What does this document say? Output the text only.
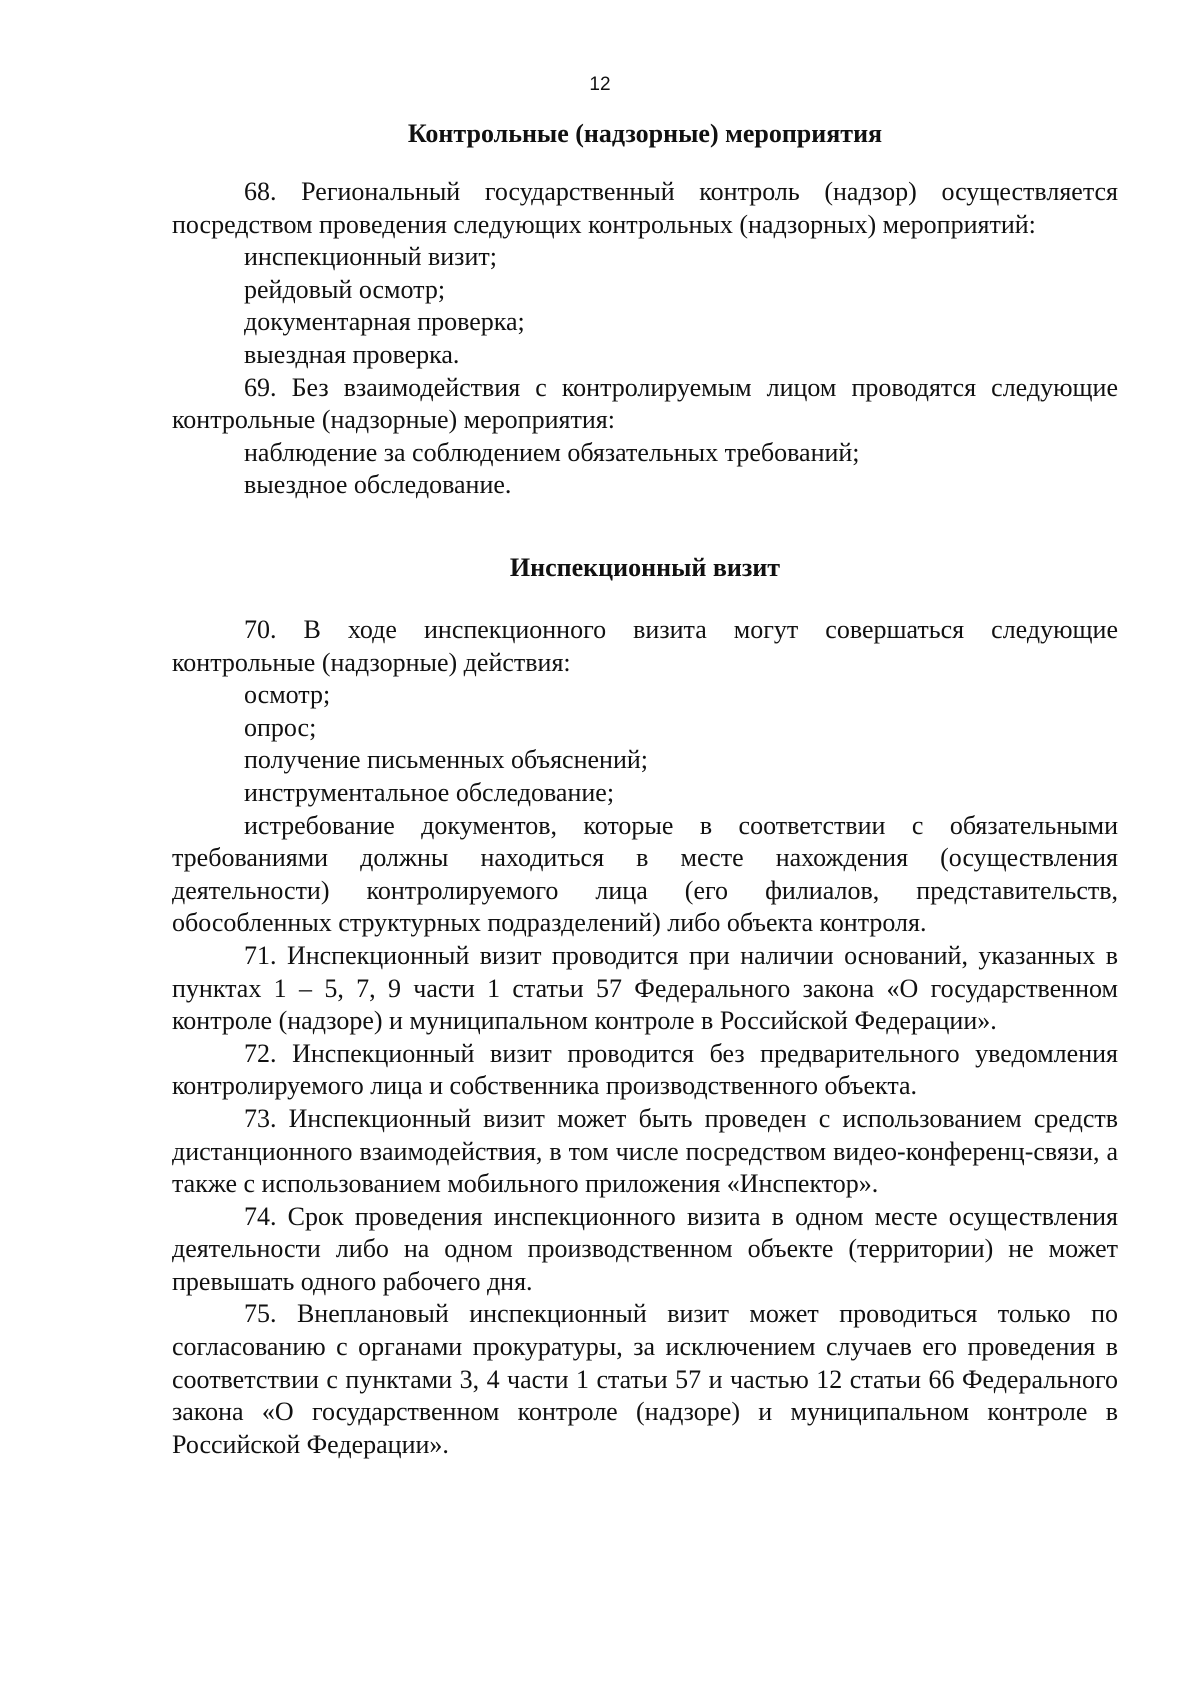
12
Контрольные (надзорные) мероприятия

68. Региональный государственный контроль (надзор) осуществляется посредством проведения следующих контрольных (надзорных) мероприятий:

инспекционный визит;

рейдовый осмотр;

документарная проверка;

выездная проверка.

69. Без взаимодействия с контролируемым лицом проводятся следующие контрольные (надзорные) мероприятия:

наблюдение за соблюдением обязательных требований;

выездное обследование.

Инспекционный визит

70. В ходе инспекционного визита могут совершаться следующие контрольные (надзорные) действия:

осмотр;

опрос;

получение письменных объяснений;

инструментальное обследование;

истребование документов, которые в соответствии с обязательными требованиями должны находиться в месте нахождения (осуществления деятельности) контролируемого лица (его филиалов, представительств, обособленных структурных подразделений) либо объекта контроля.

71. Инспекционный визит проводится при наличии оснований, указанных в пунктах 1 – 5, 7, 9 части 1 статьи 57 Федерального закона «О государственном контроле (надзоре) и муниципальном контроле в Российской Федерации».

72. Инспекционный визит проводится без предварительного уведомления контролируемого лица и собственника производственного объекта.

73. Инспекционный визит может быть проведен с использованием средств дистанционного взаимодействия, в том числе посредством видео-конференц-связи, а также с использованием мобильного приложения «Инспектор».

74. Срок проведения инспекционного визита в одном месте осуществления деятельности либо на одном производственном объекте (территории) не может превышать одного рабочего дня.

75. Внеплановый инспекционный визит может проводиться только по согласованию с органами прокуратуры, за исключением случаев его проведения в соответствии с пунктами 3, 4 части 1 статьи 57 и частью 12 статьи 66 Федерального закона «О государственном контроле (надзоре) и муниципальном контроле в Российской Федерации».
